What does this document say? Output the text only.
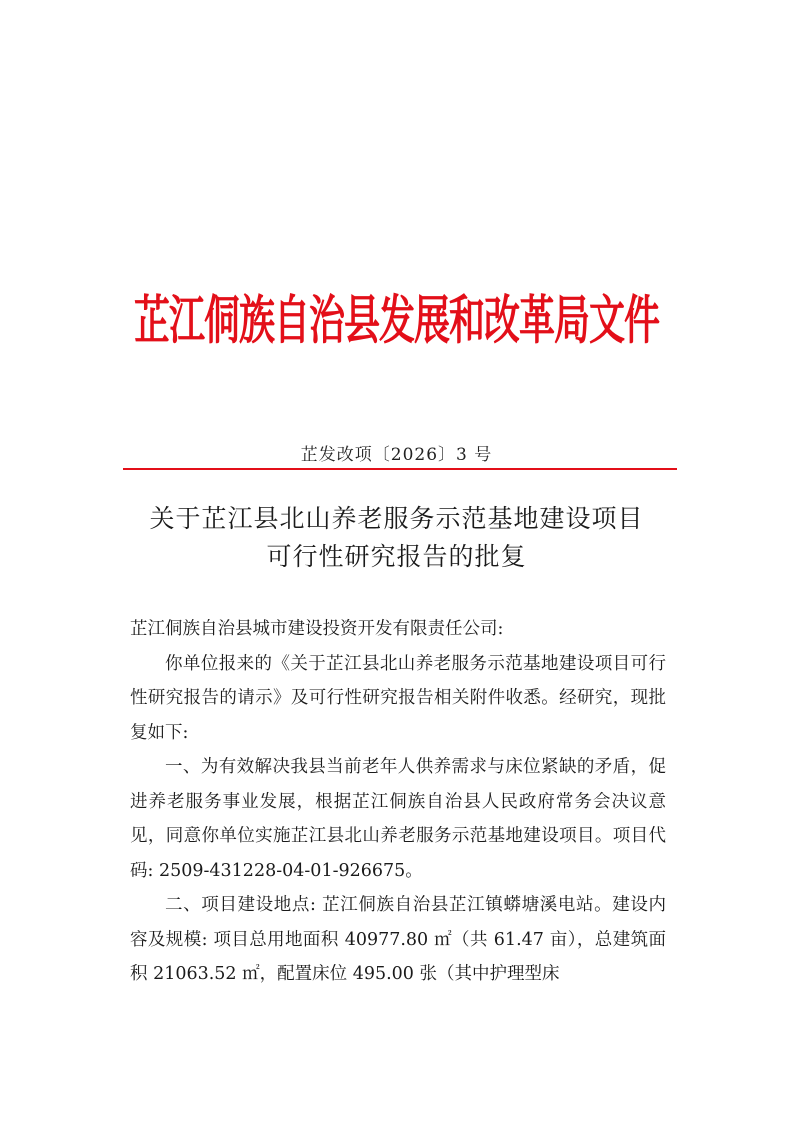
芷江侗族自治县发展和改革局文件
芷发改项〔2026〕3 号
关于芷江县北山养老服务示范基地建设项目
可行性研究报告的批复

芷江侗族自治县城市建设投资开发有限责任公司:

你单位报来的《关于芷江县北山养老服务示范基地建设项目可行性研究报告的请示》及可行性研究报告相关附件收悉。经研究，现批复如下:

一、为有效解决我县当前老年人供养需求与床位紧缺的矛盾，促进养老服务事业发展，根据芷江侗族自治县人民政府常务会决议意见，同意你单位实施芷江县北山养老服务示范基地建设项目。项目代码: 2509-431228-04-01-926675。

二、项目建设地点: 芷江侗族自治县芷江镇蟒塘溪电站。建设内容及规模: 项目总用地面积 40977.80 ㎡（共 61.47 亩），总建筑面积 21063.52 ㎡，配置床位 495.00 张（其中护理型床
